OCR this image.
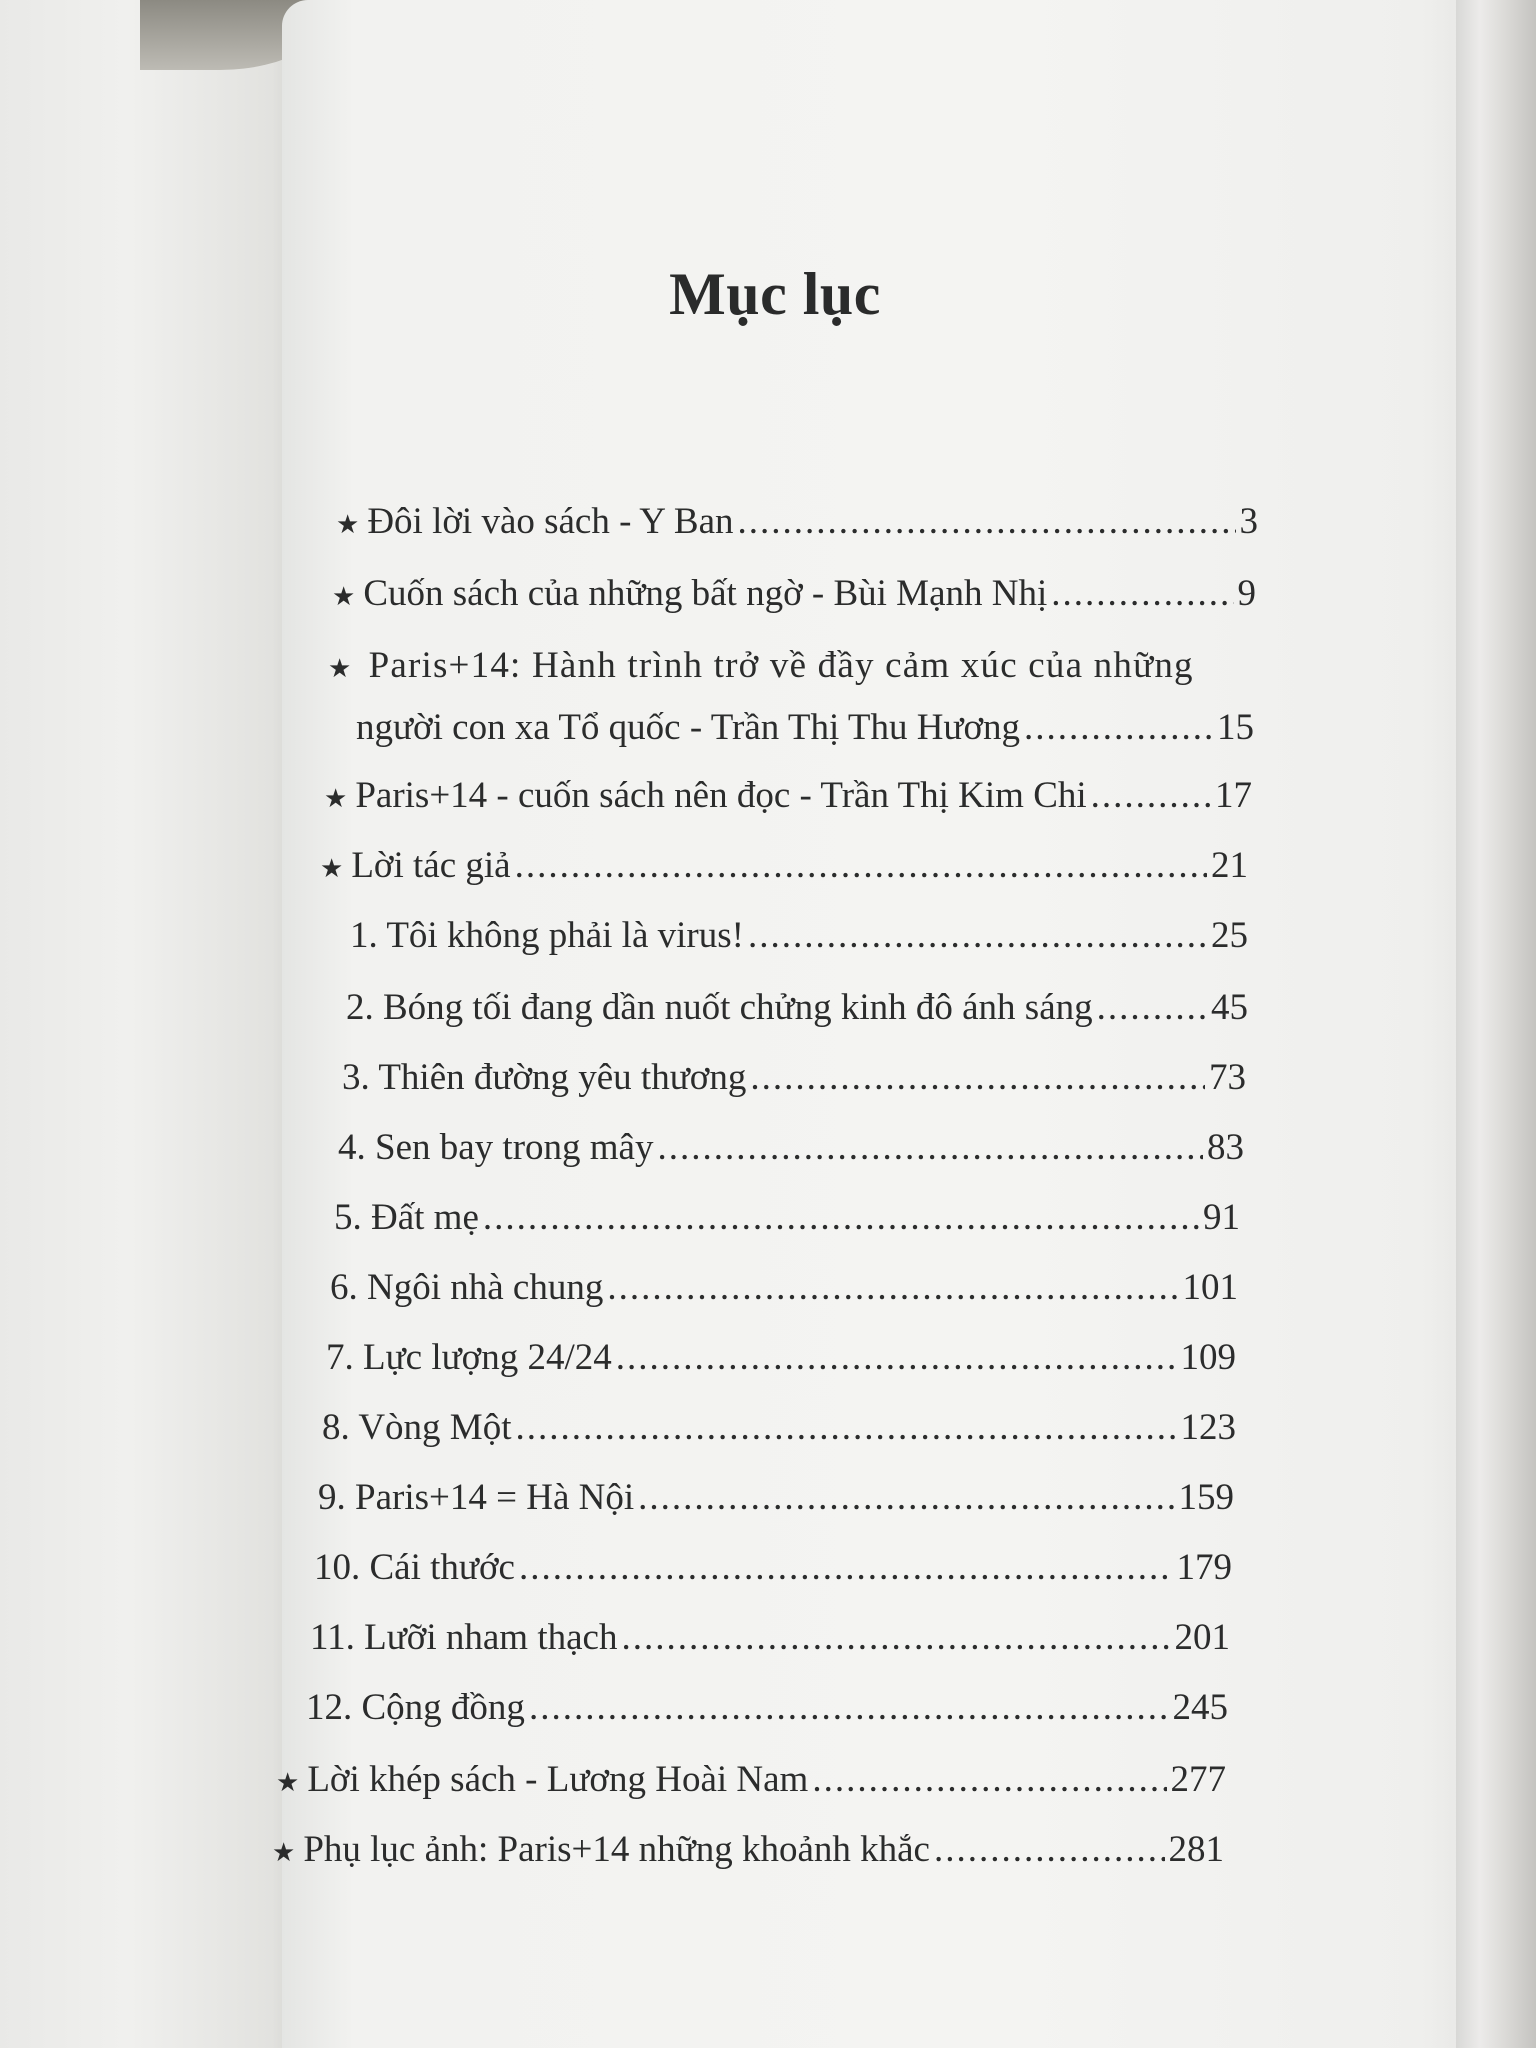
Mục lục
★ Đôi lời vào sách - Y Ban .....	3
★ Cuốn sách của những bất ngờ - Bùi Mạnh Nhị .....	9
★ Paris+14: Hành trình trở về đầy cảm xúc của những
người con xa Tổ quốc - Trần Thị Thu Hương .....	15
★ Paris+14 - cuốn sách nên đọc - Trần Thị Kim Chi .....	17
★ Lời tác giả .....	21
1. Tôi không phải là virus! .....	25
2. Bóng tối đang dần nuốt chửng kinh đô ánh sáng .....	45
3. Thiên đường yêu thương .....	73
4. Sen bay trong mây .....	83
5. Đất mẹ .....	91
6. Ngôi nhà chung .....	101
7. Lực lượng 24/24 .....	109
8. Vòng Một .....	123
9. Paris+14 = Hà Nội .....	159
10. Cái thước .....	179
11. Lưỡi nham thạch .....	201
12. Cộng đồng .....	245
★ Lời khép sách - Lương Hoài Nam .....	277
★ Phụ lục ảnh: Paris+14 những khoảnh khắc .....	281
